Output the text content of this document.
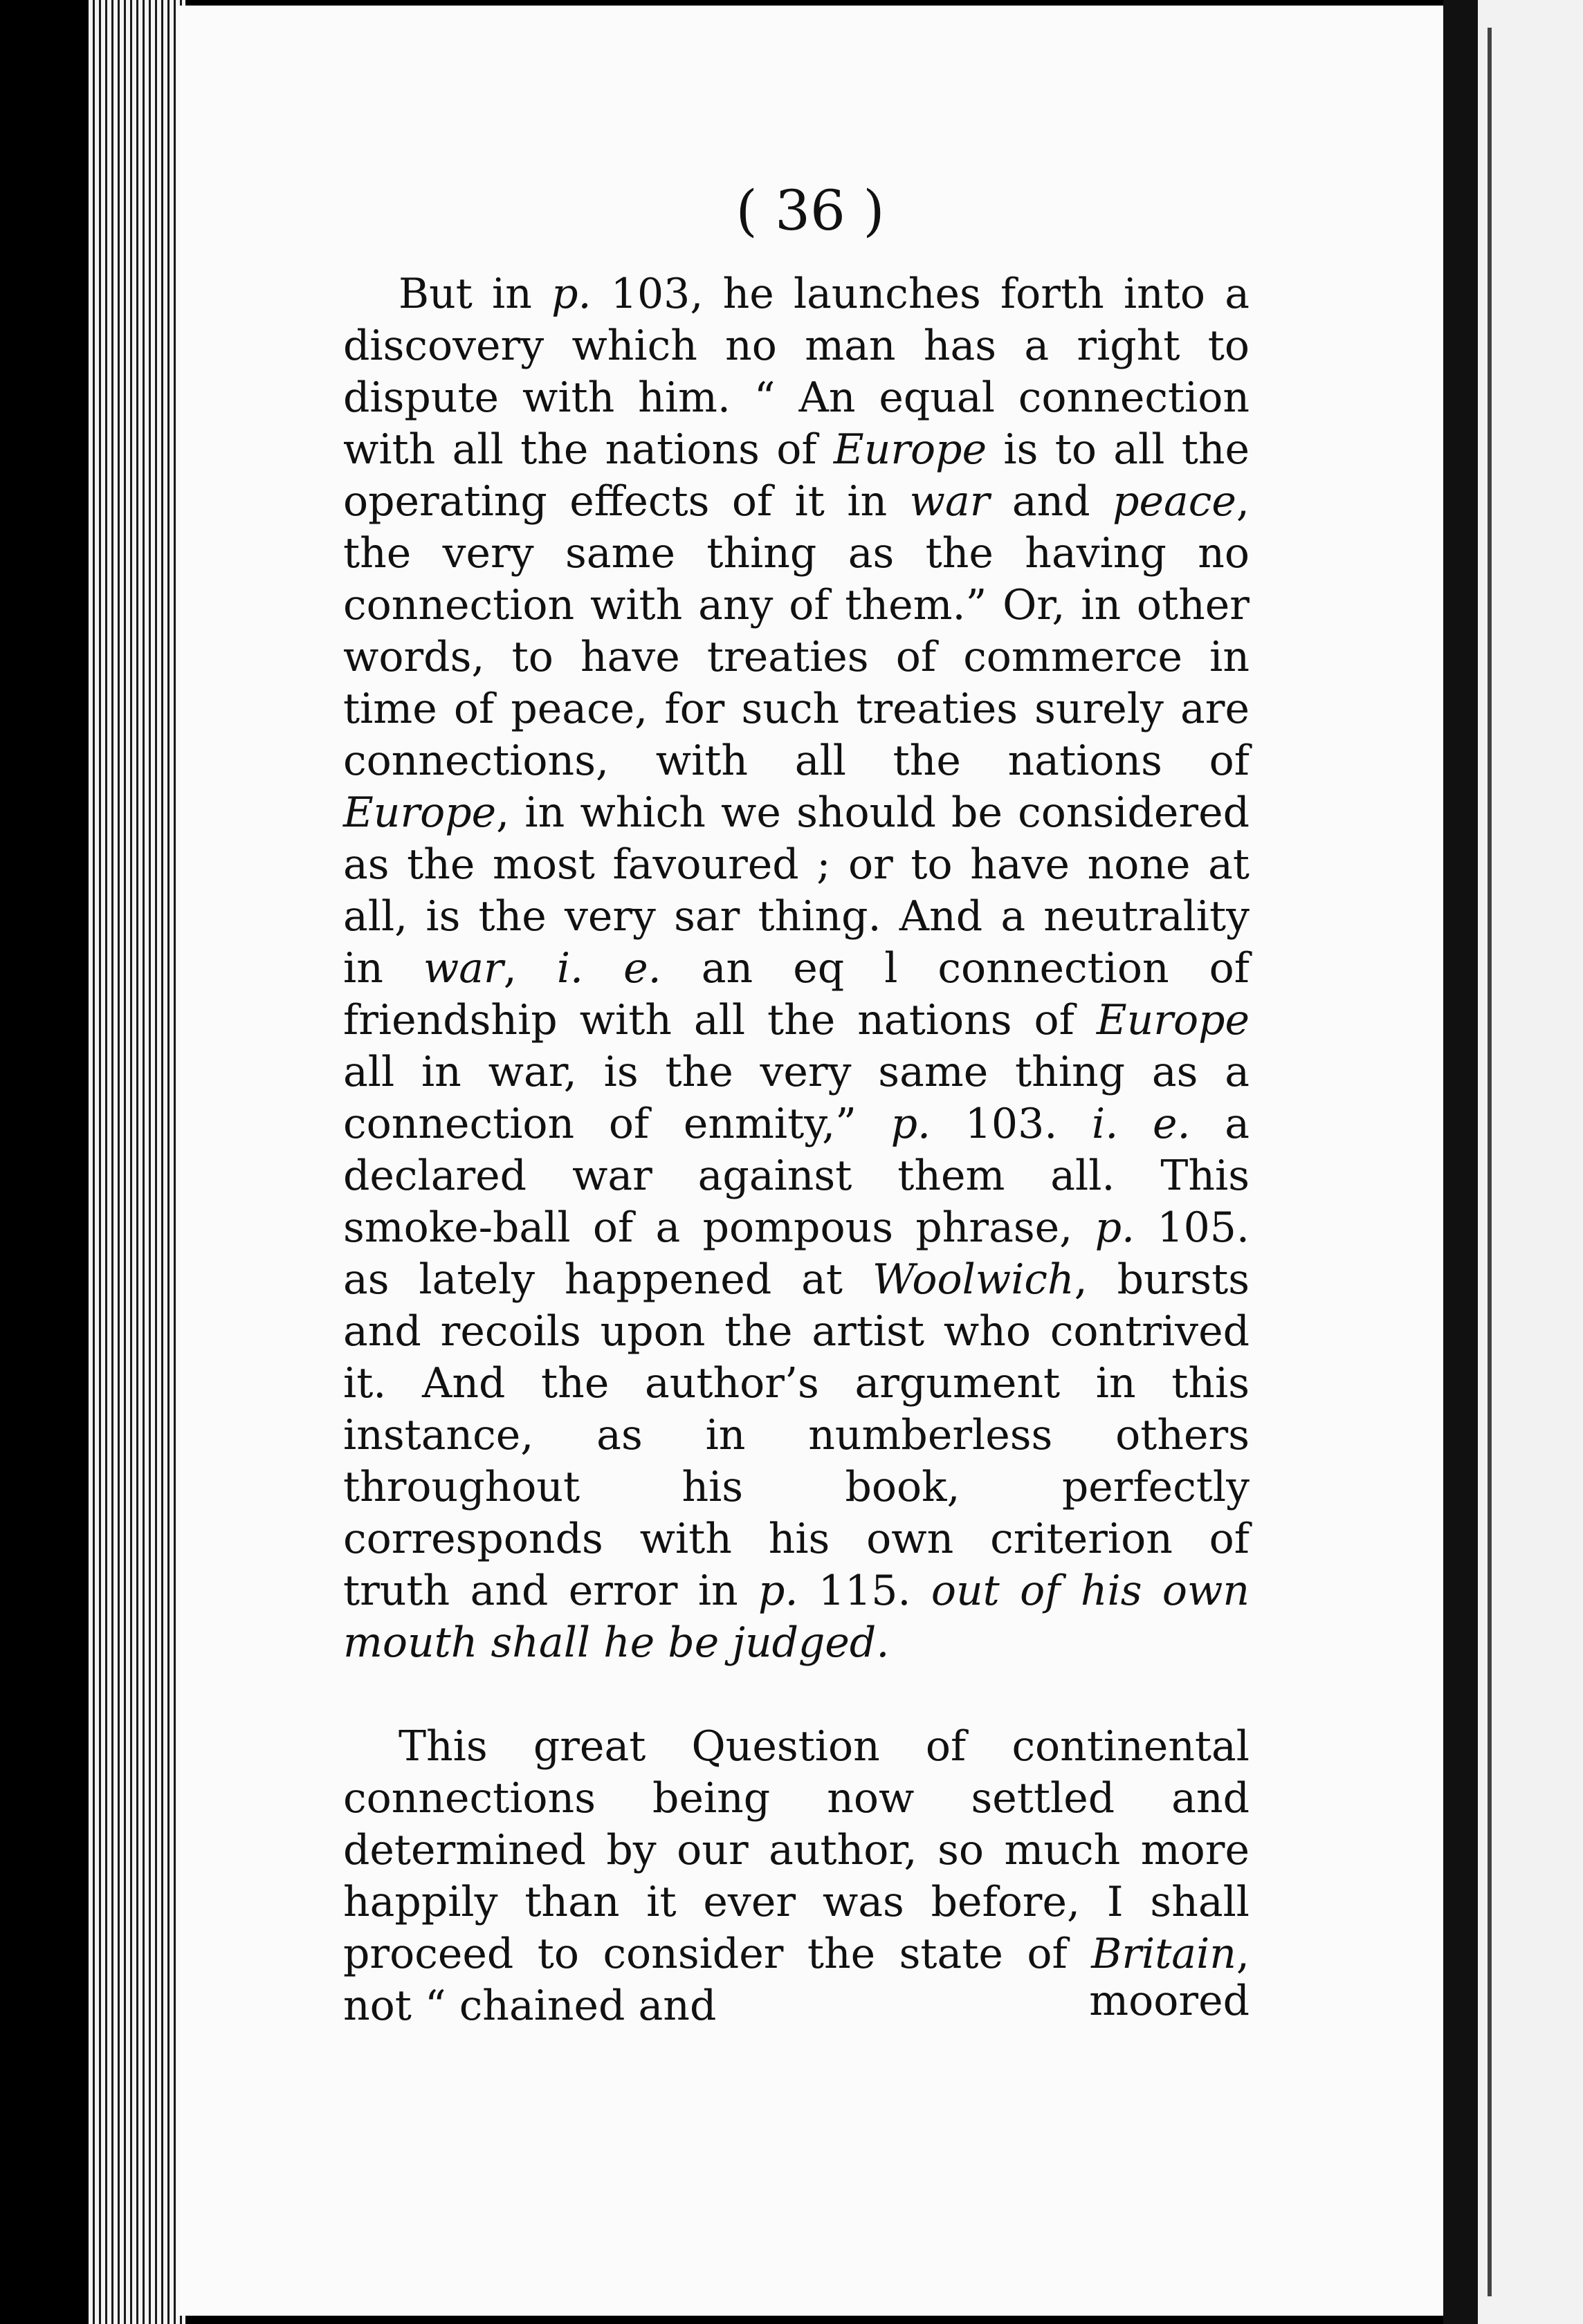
( 36 )

But in p. 103, he launches forth into a discovery which no man has a right to dispute with him. “ An equal connection with all the nations of Europe is to all the operating effects of it in war and peace, the very same thing as the having no connection with any of them.” Or, in other words, to have treaties of commerce in time of peace, for such treaties surely are connections, with all the nations of Europe, in which we should be considered as the most favoured ; or to have none at all, is the very sar thing. And a neutrality in war, i. e. an eq l connection of friendship with all the nations of Europe all in war, is the very same thing as a connection of enmity,” p. 103. i. e. a declared war against them all. This smoke-ball of a pompous phrase, p. 105. as lately happened at Woolwich, bursts and recoils upon the artist who contrived it. And the author’s argument in this instance, as in numberless others throughout his book, perfectly corresponds with his own criterion of truth and error in p. 115. out of his own mouth shall he be judged.

This great Question of continental connections being now settled and determined by our author, so much more happily than it ever was before, I shall proceed to consider the state of Britain, not “ chained and	moored
